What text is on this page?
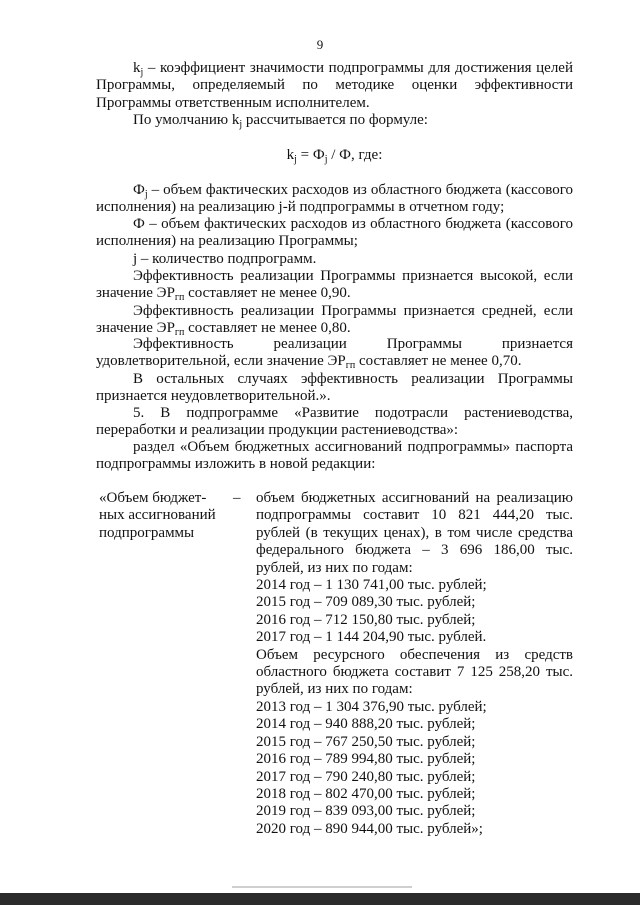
9

$k_j$ – коэффициент значимости подпрограммы для достижения целей Программы, определяемый по методике оценки эффективности Программы ответственным исполнителем.

По умолчанию $k_j$ рассчитывается по формуле:

$k_j = Ф_j / Ф$, где:

$Ф_j$ – объем фактических расходов из областного бюджета (кассового исполнения) на реализацию j-й подпрограммы в отчетном году;

Ф – объем фактических расходов из областного бюджета (кассового исполнения) на реализацию Программы;

j – количество подпрограмм.

Эффективность реализации Программы признается высокой, если значение $ЭР_{гп}$ составляет не менее 0,90.

Эффективность реализации Программы признается средней, если значение $ЭР_{гп}$ составляет не менее 0,80.

Эффективность реализации Программы признается удовлетворительной, если значение $ЭР_{гп}$ составляет не менее 0,70.

В остальных случаях эффективность реализации Программы признается неудовлетворительной.».

5. В подпрограмме «Развитие подотрасли растениеводства, переработки и реализации продукции растениеводства»:

раздел «Объем бюджетных ассигнований подпрограммы» паспорта подпрограммы изложить в новой редакции:

«Объем бюджет-
ных ассигнований
подпрограммы
– объем бюджетных ассигнований на реализацию подпрограммы составит 10 821 444,20 тыс. рублей (в текущих ценах), в том числе средства федерального бюджета – 3 696 186,00 тыс. рублей, из них по годам:

2014 год – 1 130 741,00 тыс. рублей;
2015 год – 709 089,30 тыс. рублей;
2016 год – 712 150,80 тыс. рублей;
2017 год – 1 144 204,90 тыс. рублей.

Объем ресурсного обеспечения из средств областного бюджета составит 7 125 258,20 тыс. рублей, из них по годам:

2013 год – 1 304 376,90 тыс. рублей;
2014 год – 940 888,20 тыс. рублей;
2015 год – 767 250,50 тыс. рублей;
2016 год – 789 994,80 тыс. рублей;
2017 год – 790 240,80 тыс. рублей;
2018 год – 802 470,00 тыс. рублей;
2019 год – 839 093,00 тыс. рублей;
2020 год – 890 944,00 тыс. рублей»;
